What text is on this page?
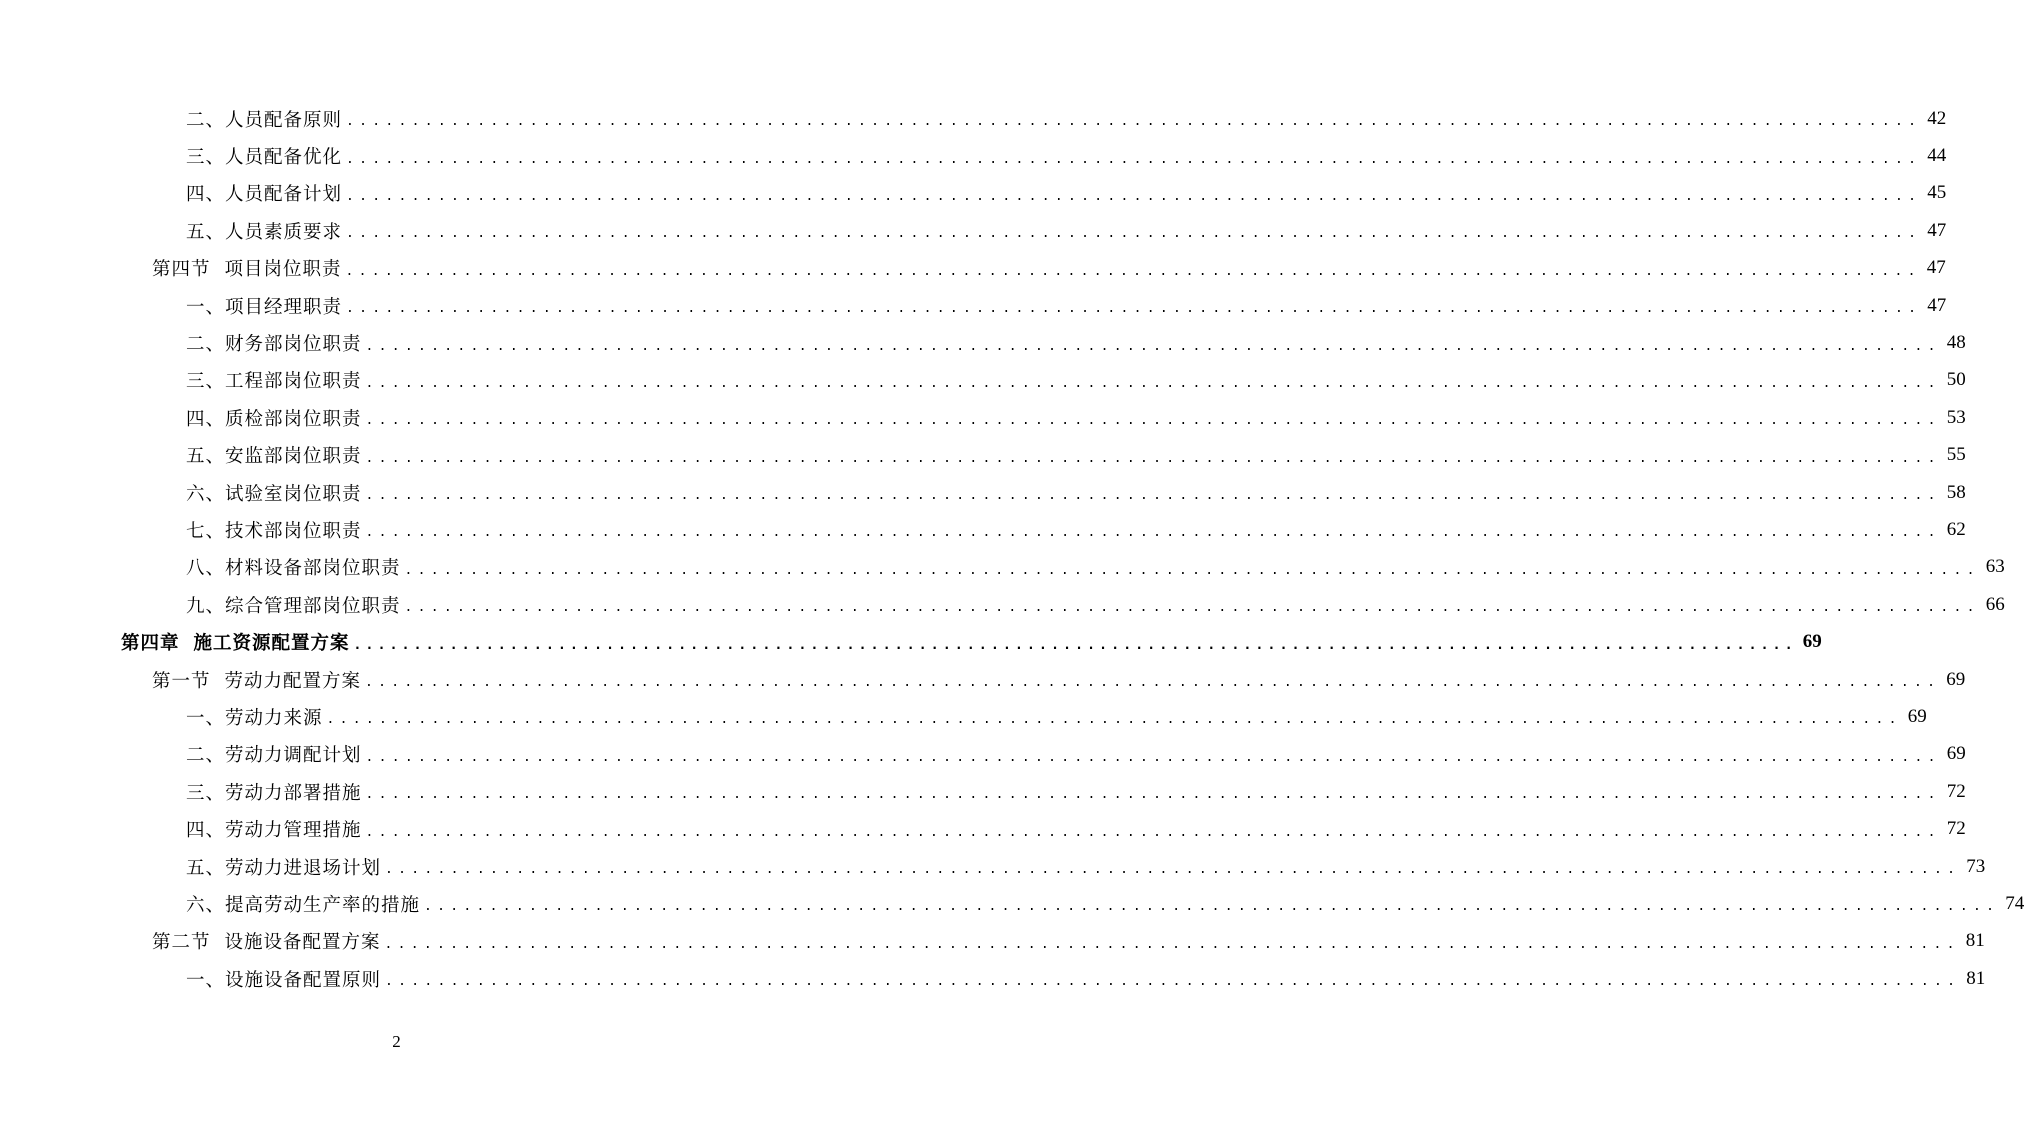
二、人员配备原则 ........................................................................................................................ 42
三、人员配备优化 ........................................................................................................................ 44
四、人员配备计划 ........................................................................................................................ 45
五、人员素质要求 ........................................................................................................................ 47
第四节 项目岗位职责 ........................................................................................................................ 47
一、项目经理职责 ........................................................................................................................ 47
二、财务部岗位职责 ........................................................................................................................ 48
三、工程部岗位职责 ........................................................................................................................ 50
四、质检部岗位职责 ........................................................................................................................ 53
五、安监部岗位职责 ........................................................................................................................ 55
六、试验室岗位职责 ........................................................................................................................ 58
七、技术部岗位职责 ........................................................................................................................ 62
八、材料设备部岗位职责 ........................................................................................................................ 63
九、综合管理部岗位职责 ........................................................................................................................ 66
第四章 施工资源配置方案 ........................................................................................................................ 69
第一节 劳动力配置方案 ........................................................................................................................ 69
一、劳动力来源 ........................................................................................................................ 69
二、劳动力调配计划 ........................................................................................................................ 69
三、劳动力部署措施 ........................................................................................................................ 72
四、劳动力管理措施 ........................................................................................................................ 72
五、劳动力进退场计划 ........................................................................................................................ 73
六、提高劳动生产率的措施 ........................................................................................................................ 74
第二节 设施设备配置方案 ........................................................................................................................ 81
一、设施设备配置原则 ........................................................................................................................ 81
2
